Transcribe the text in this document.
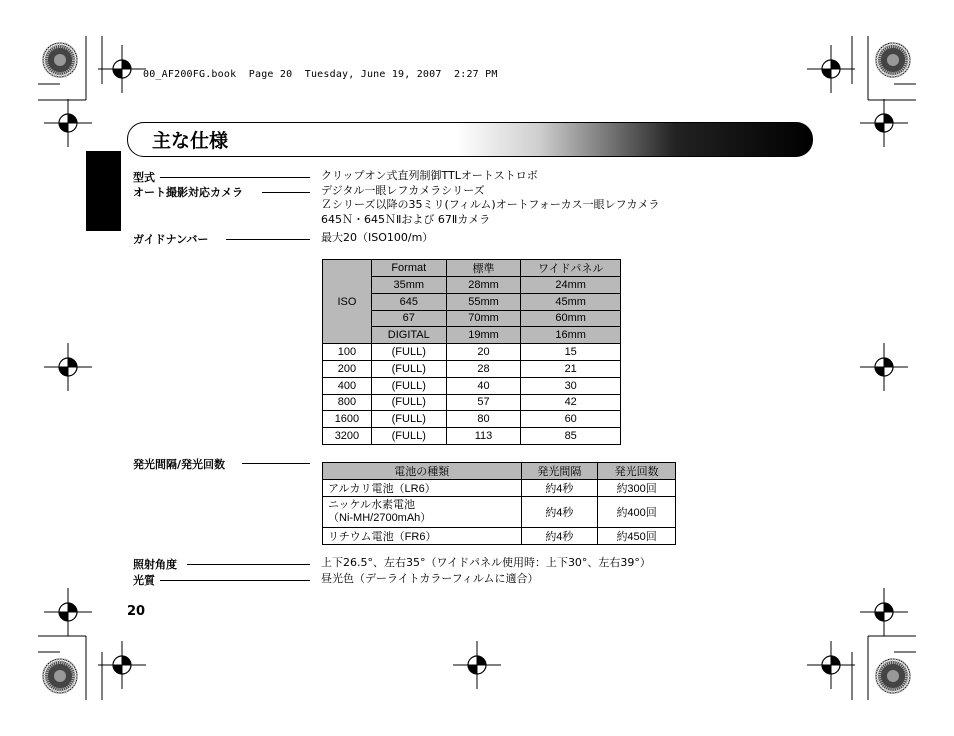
00_AF200FG.book  Page 20  Tuesday, June 19, 2007  2:27 PM
主な仕様
型式	クリップオン式直列制御TTLオートストロボ
オート撮影対応カメラ	デジタル一眼レフカメラシリーズ
Ｚシリーズ以降の35ミリ(フィルム)オートフォーカス一眼レフカメラ
645Ｎ・645ＮⅡおよび 67Ⅱカメラ
ガイドナンバー	最大20（ISO100/m）
ISO	Format	標準	ワイドパネル
	35mm	28mm	24mm
	645	55mm	45mm
	67	70mm	60mm
	DIGITAL	19mm	16mm
100	(FULL)	20	15
200	(FULL)	28	21
400	(FULL)	40	30
800	(FULL)	57	42
1600	(FULL)	80	60
3200	(FULL)	113	85
発光間隔/発光回数
電池の種類	発光間隔	発光回数
アルカリ電池（LR6）	約4秒	約300回

ニッケル水素電池
（Ni-MH/2700mAh）	約4秒	約400回
リチウム電池（FR6）	約4秒	約450回
照射角度	上下26.5°、左右35°（ワイドパネル使用時：上下30°、左右39°）
光質	昼光色（デーライトカラーフィルムに適合）
20
